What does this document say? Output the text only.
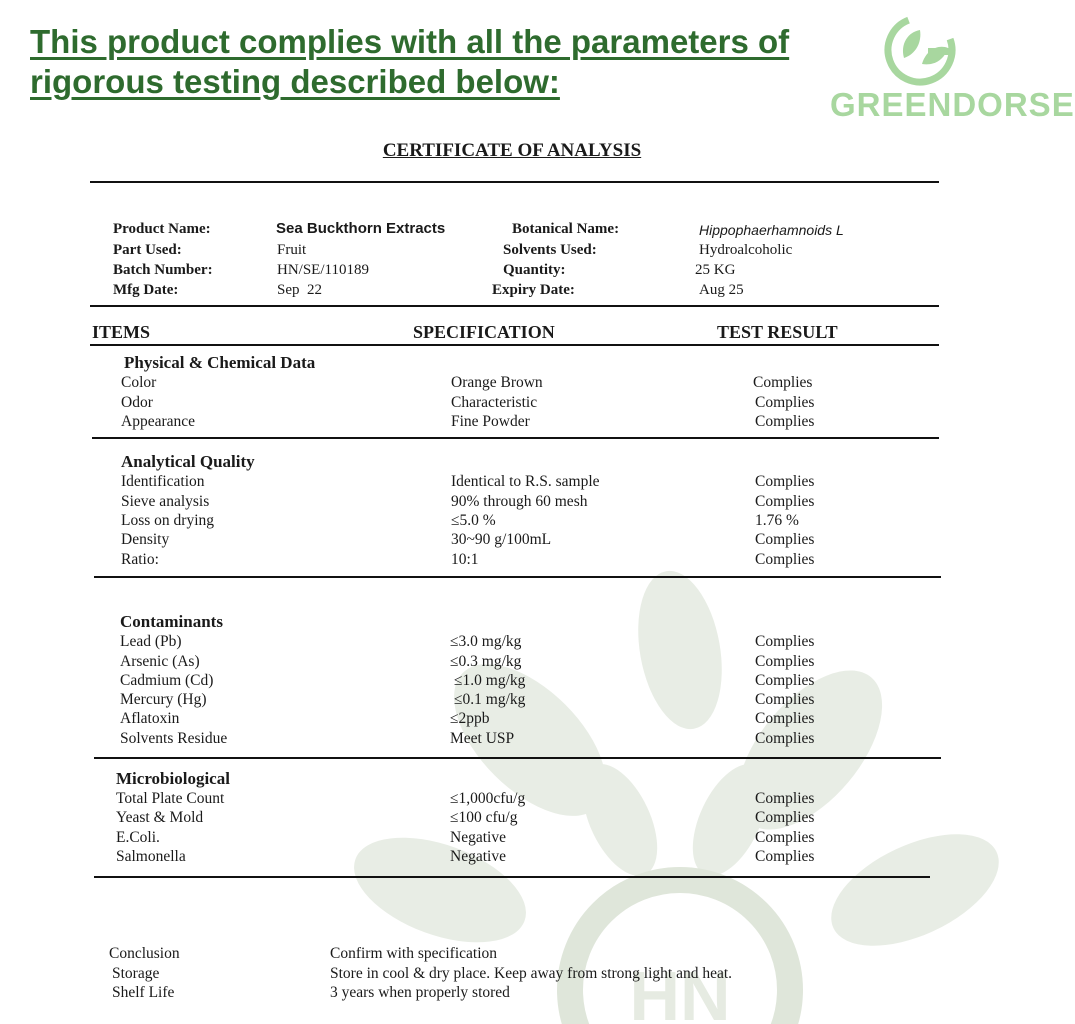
This product complies with all the parameters of rigorous testing described below:
GREENDORSE
HN
CERTIFICATE OF ANALYSIS
Product Name:	Sea Buckthorn Extracts
Part Used:	Fruit
Batch Number:	HN/SE/110189
Mfg Date:	Sep  22
Botanical Name:	Hippophaerhamnoids L
Solvents Used:	Hydroalcoholic
Quantity:	25 KG
Expiry Date:	Aug 25
ITEMS	SPECIFICATION	TEST RESULT
Physical & Chemical Data
Color	Orange Brown	Complies
Odor	Characteristic	Complies
Appearance	Fine Powder	Complies
Analytical Quality
Identification	Identical to R.S. sample	Complies
Sieve analysis	90% through 60 mesh	Complies
Loss on drying	≤5.0 %	1.76 %
Density	30~90 g/100mL	Complies
Ratio:	10:1	Complies
Contaminants
Lead (Pb)	≤3.0 mg/kg	Complies
Arsenic (As)	≤0.3 mg/kg	Complies
Cadmium (Cd)	≤1.0 mg/kg	Complies
Mercury (Hg)	≤0.1 mg/kg	Complies
Aflatoxin	≤2ppb	Complies
Solvents Residue	Meet USP	Complies
Microbiological
Total Plate Count	≤1,000cfu/g	Complies
Yeast & Mold	≤100 cfu/g	Complies
E.Coli.	Negative	Complies
Salmonella	Negative	Complies
Conclusion	Confirm with specification
Storage	Store in cool & dry place. Keep away from strong light and heat.
Shelf Life	3 years when properly stored
